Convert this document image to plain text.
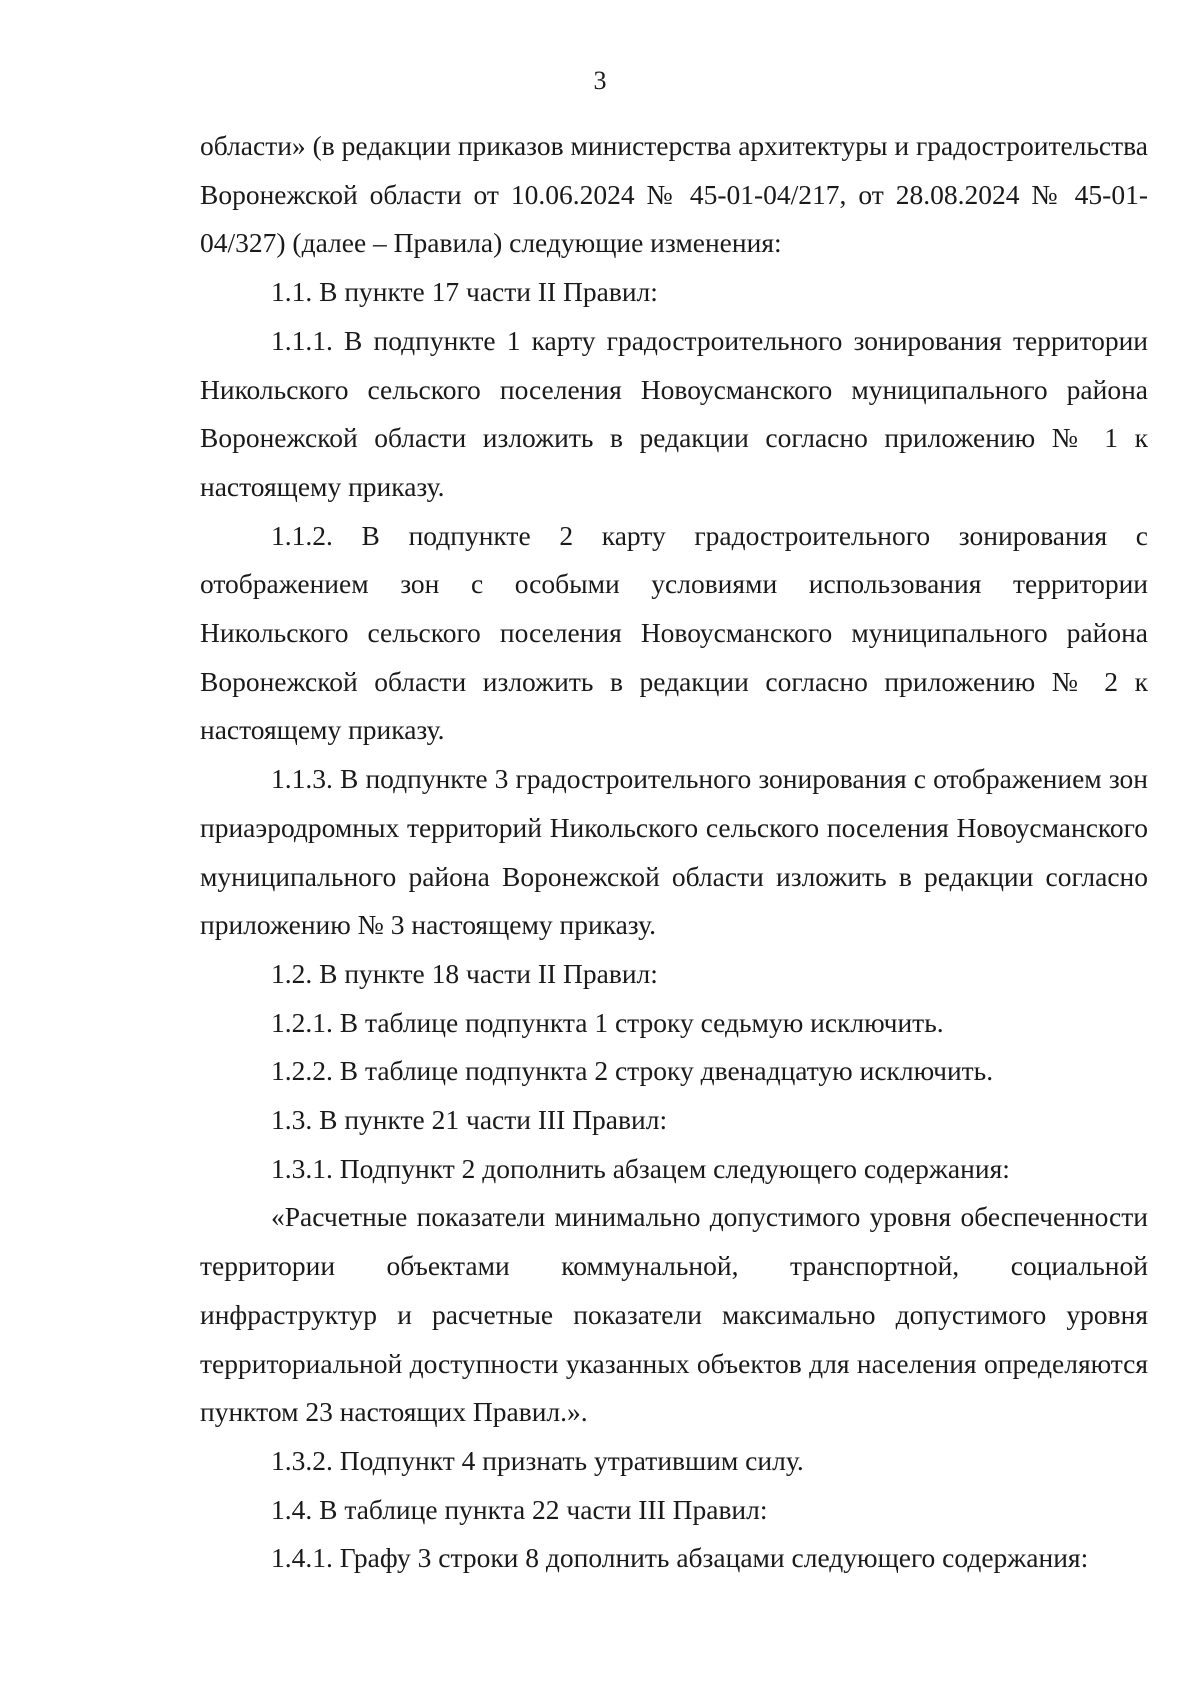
3

области» (в редакции приказов министерства архитектуры и градостроительства Воронежской области от 10.06.2024 № 45-01-04/217, от 28.08.2024 № 45-01-04/327) (далее – Правила) следующие изменения:

1.1. В пункте 17 части II Правил:

1.1.1. В подпункте 1 карту градостроительного зонирования территории Никольского сельского поселения Новоусманского муниципального района Воронежской области изложить в редакции согласно приложению № 1 к настоящему приказу.

1.1.2. В подпункте 2 карту градостроительного зонирования с отображением зон с особыми условиями использования территории Никольского сельского поселения Новоусманского муниципального района Воронежской области изложить в редакции согласно приложению № 2 к настоящему приказу.

1.1.3. В подпункте 3 градостроительного зонирования с отображением зон приаэродромных территорий Никольского сельского поселения Новоусманского муниципального района Воронежской области изложить в редакции согласно приложению № 3 настоящему приказу.

1.2. В пункте 18 части II Правил:

1.2.1. В таблице подпункта 1 строку седьмую исключить.

1.2.2. В таблице подпункта 2 строку двенадцатую исключить.

1.3. В пункте 21 части III Правил:

1.3.1. Подпункт 2 дополнить абзацем следующего содержания:

«Расчетные показатели минимально допустимого уровня обеспеченности территории объектами коммунальной, транспортной, социальной инфраструктур и расчетные показатели максимально допустимого уровня территориальной доступности указанных объектов для населения определяются пунктом 23 настоящих Правил.».

1.3.2. Подпункт 4 признать утратившим силу.

1.4. В таблице пункта 22 части III Правил:

1.4.1. Графу 3 строки 8 дополнить абзацами следующего содержания:
